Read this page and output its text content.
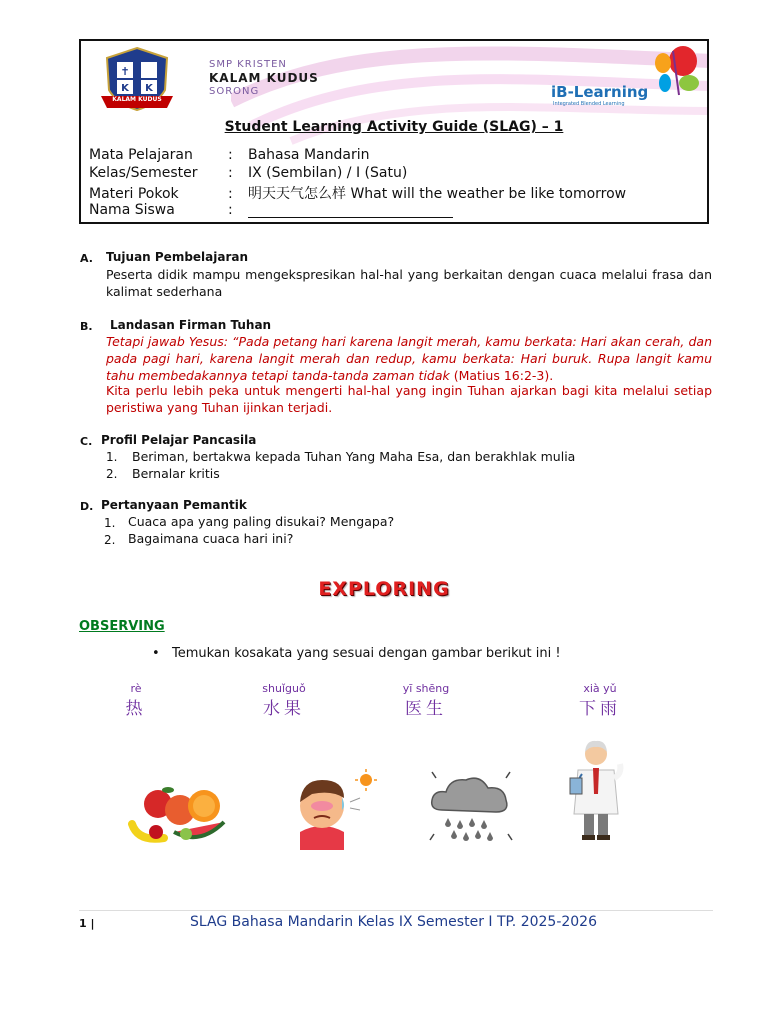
✝
K K
KALAM KUDUS
SMP KRISTEN
KALAM KUDUS
SORONG	iB-Learning
Integrated Blended Learning
Student Learning Activity Guide (SLAG) – 1
Mata Pelajaran	: Bahasa Mandarin
Kelas/Semester : IX (Sembilan) / I (Satu)
Materi Pokok	: 明天天气怎么样 What will the weather be like tomorrow
Nama Siswa	:
A. Tujuan Pembelajaran
Peserta didik mampu mengekspresikan hal-hal yang berkaitan dengan cuaca melalui frasa dan kalimat sederhana
B. Landasan Firman Tuhan
Tetapi jawab Yesus: “Pada petang hari karena langit merah, kamu berkata: Hari akan cerah, dan pada pagi hari, karena langit merah dan redup, kamu berkata: Hari buruk. Rupa langit kamu tahu membedakannya tetapi tanda-tanda zaman tidak (Matius 16:2-3).
Kita perlu lebih peka untuk mengerti hal-hal yang ingin Tuhan ajarkan bagi kita melalui setiap peristiwa yang Tuhan ijinkan terjadi.
C. Profil Pelajar Pancasila
1. Beriman, bertakwa kepada Tuhan Yang Maha Esa, dan berakhlak mulia
2. Bernalar kritis
D. Pertanyaan Pemantik
1. Cuaca apa yang paling disukai? Mengapa?
2. Bagaimana cuaca hari ini?
EXPLORING
OBSERVING
• Temukan kosakata yang sesuai dengan gambar berikut ini !
rè
热
shuǐguǒ
水果
yī shēng
医生
xià yǔ
下雨
1 |	SLAG Bahasa Mandarin Kelas IX Semester I TP. 2025-2026
